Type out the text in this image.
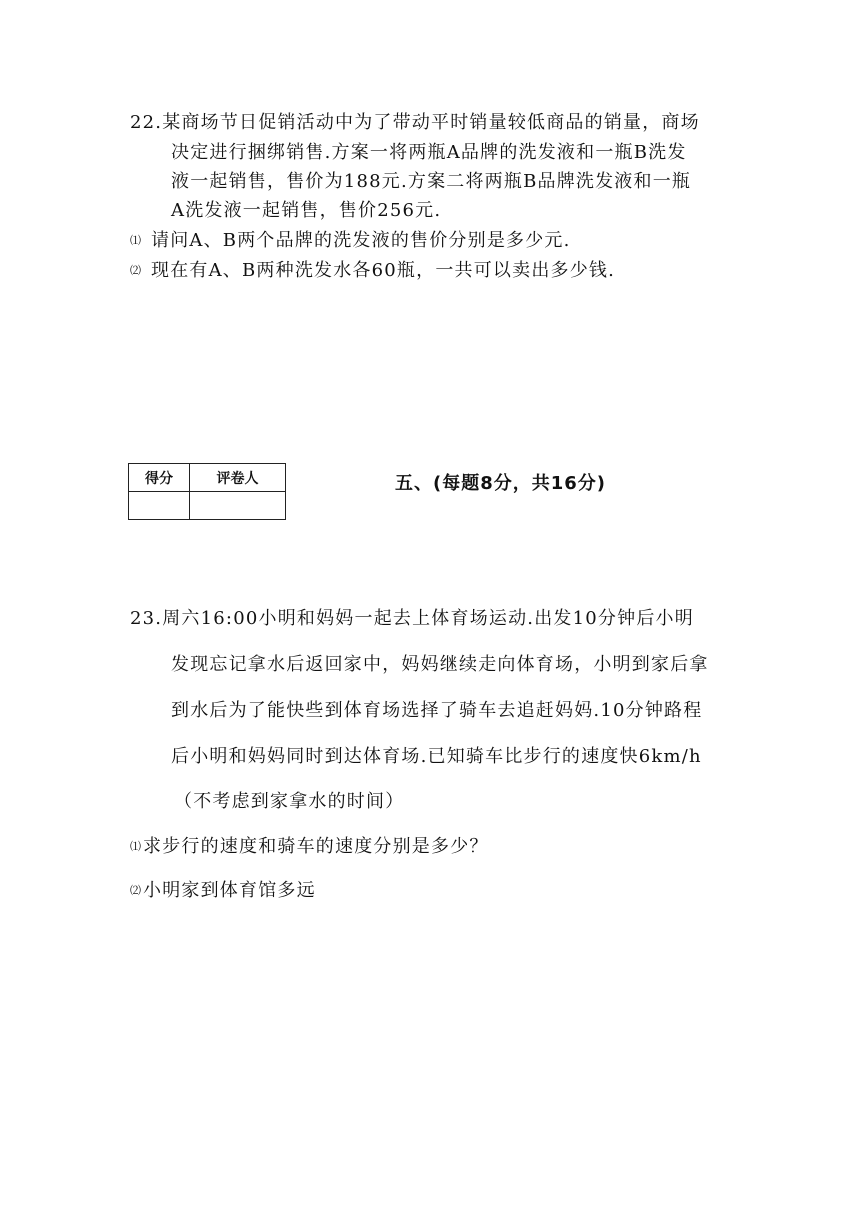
22.某商场节日促销活动中为了带动平时销量较低商品的销量，商场
决定进行捆绑销售.方案一将两瓶A品牌的洗发液和一瓶B洗发
液一起销售，售价为188元.方案二将两瓶B品牌洗发液和一瓶
A洗发液一起销售，售价256元.
⑴ 请问A、B两个品牌的洗发液的售价分别是多少元.
⑵ 现在有A、B两种洗发水各60瓶，一共可以卖出多少钱.
得分	评卷人
		五、(每题8分，共16分)
23.周六16:00小明和妈妈一起去上体育场运动.出发10分钟后小明
发现忘记拿水后返回家中，妈妈继续走向体育场，小明到家后拿
到水后为了能快些到体育场选择了骑车去追赶妈妈.10分钟路程
后小明和妈妈同时到达体育场.已知骑车比步行的速度快6km/h
（不考虑到家拿水的时间）
⑴ 求步行的速度和骑车的速度分别是多少？
⑵ 小明家到体育馆多远
